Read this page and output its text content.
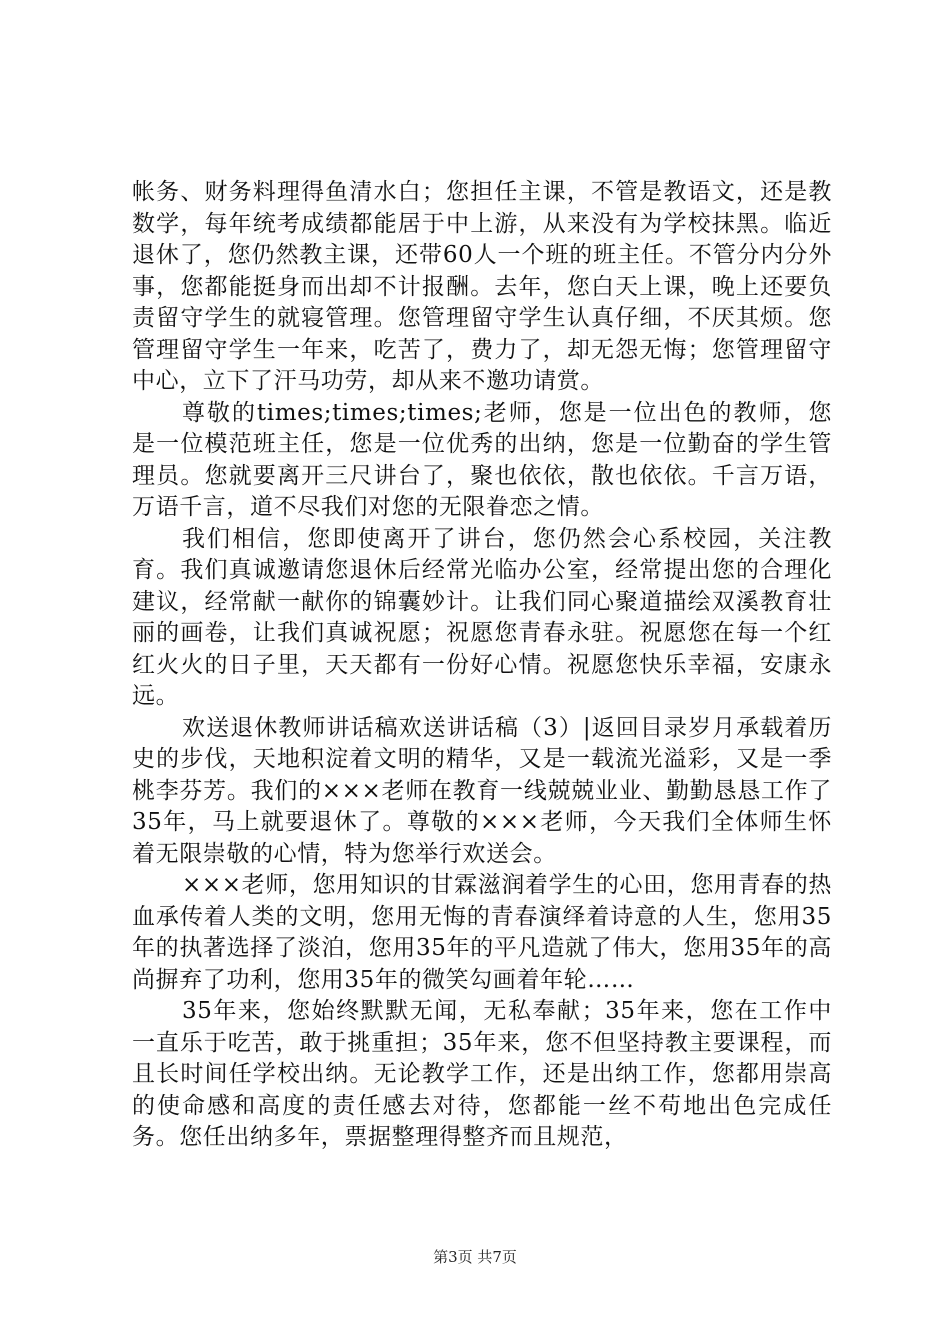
帐务、财务料理得鱼清水白；您担任主课，不管是教语文，还是教数学，每年统考成绩都能居于中上游，从来没有为学校抹黑。临近退休了，您仍然教主课，还带60人一个班的班主任。不管分内分外事，您都能挺身而出却不计报酬。去年，您白天上课，晚上还要负责留守学生的就寝管理。您管理留守学生认真仔细，不厌其烦。您管理留守学生一年来，吃苦了，费力了，却无怨无悔；您管理留守中心，立下了汗马功劳，却从来不邀功请赏。

尊敬的times;times;times;老师，您是一位出色的教师，您是一位模范班主任，您是一位优秀的出纳，您是一位勤奋的学生管理员。您就要离开三尺讲台了，聚也依依，散也依依。千言万语，万语千言，道不尽我们对您的无限眷恋之情。

我们相信，您即使离开了讲台，您仍然会心系校园，关注教育。我们真诚邀请您退休后经常光临办公室，经常提出您的合理化建议，经常献一献你的锦囊妙计。让我们同心聚道描绘双溪教育壮丽的画卷，让我们真诚祝愿；祝愿您青春永驻。祝愿您在每一个红红火火的日子里，天天都有一份好心情。祝愿您快乐幸福，安康永远。

欢送退休教师讲话稿欢送讲话稿（3）|返回目录岁月承载着历史的步伐，天地积淀着文明的精华，又是一载流光溢彩，又是一季桃李芬芳。我们的×××老师在教育一线兢兢业业、勤勤恳恳工作了35年，马上就要退休了。尊敬的×××老师，今天我们全体师生怀着无限崇敬的心情，特为您举行欢送会。

×××老师，您用知识的甘霖滋润着学生的心田，您用青春的热血承传着人类的文明，您用无悔的青春演绎着诗意的人生，您用35年的执著选择了淡泊，您用35年的平凡造就了伟大，您用35年的高尚摒弃了功利，您用35年的微笑勾画着年轮……

35年来，您始终默默无闻，无私奉献；35年来，您在工作中一直乐于吃苦，敢于挑重担；35年来，您不但坚持教主要课程，而且长时间任学校出纳。无论教学工作，还是出纳工作，您都用崇高的使命感和高度的责任感去对待，您都能一丝不苟地出色完成任务。您任出纳多年，票据整理得整齐而且规范，

第3页 共7页
